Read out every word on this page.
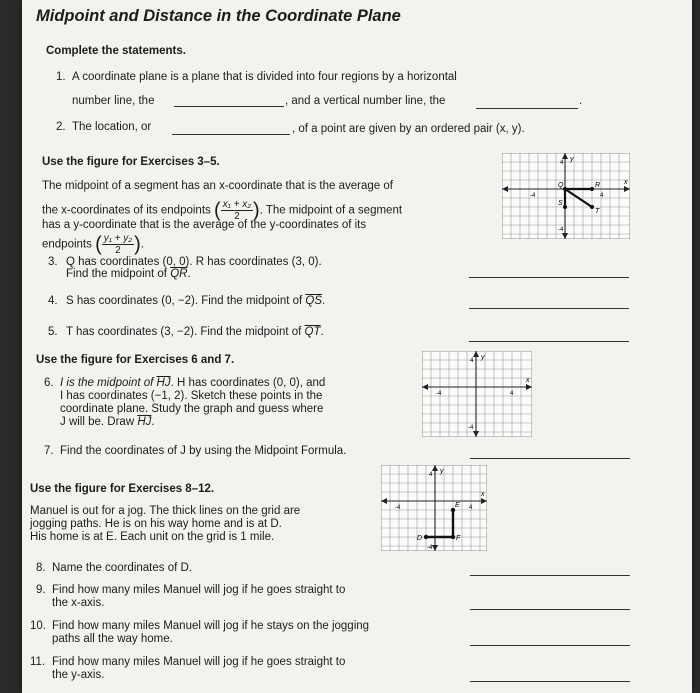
Midpoint and Distance in the Coordinate Plane
Complete the statements.
1. A coordinate plane is a plane that is divided into four regions by a horizontal
number line, the	, and a vertical number line, the	.
2. The location, or	, of a point are given by an ordered pair (x, y).
Use the figure for Exercises 3–5.
The midpoint of a segment has an x-coordinate that is the average of
the x-coordinates of its endpoints ( $\frac{\text{x₁ + x₂}}{2}$ ). The midpoint of a segment
has a y-coordinate that is the average of the y-coordinates of its
endpoints ( $\frac{\text{y₁ + y₂}}{2}$ ).
y
x
Q	R
S
T
4
-4	4
-4
3. Q has coordinates (0, 0). R has coordinates (3, 0).
Find the midpoint of $\overline{QR}$.
4. S has coordinates (0, −2). Find the midpoint of $\overline{QS}$.
5. T has coordinates (3, −2). Find the midpoint of $\overline{QT}$.
Use the figure for Exercises 6 and 7.	y
x
4
-4	4
-4
6. I is the midpoint of $\overline{HJ}$. H has coordinates (0, 0), and
I has coordinates (−1, 2). Sketch these points in the
coordinate plane. Study the graph and guess where
J will be. Draw $\overline{HJ}$.
7. Find the coordinates of J by using the Midpoint Formula.
Use the figure for Exercises 8–12.
Manuel is out for a jog. The thick lines on the grid are
jogging paths. He is on his way home and is at D.
His home is at E. Each unit on the grid is 1 mile.
y
x
D
E
F
4
-4	4
-4
8. Name the coordinates of D.
9. Find how many miles Manuel will jog if he goes straight to
the x-axis.
10. Find how many miles Manuel will jog if he stays on the jogging
paths all the way home.
11. Find how many miles Manuel will jog if he goes straight to
the y-axis.
